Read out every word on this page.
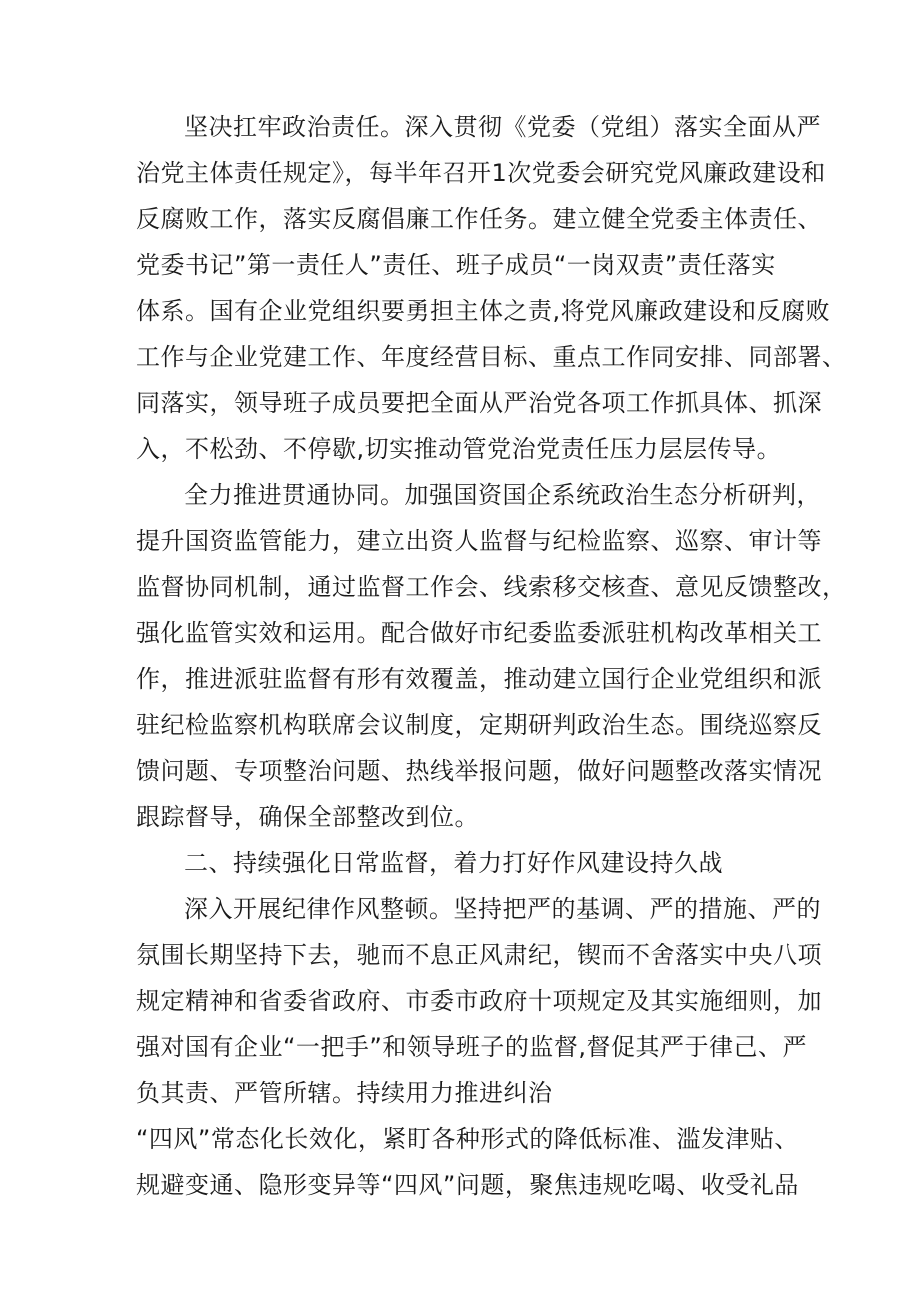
坚决扛牢政治责任。深入贯彻《党委（党组）落实全面从严

治党主体责任规定》，每半年召开1次党委会研究党风廉政建设和

反腐败工作，落实反腐倡廉工作任务。建立健全党委主体责任、

党委书记”第一责任人”责任、班子成员“一岗双责”责任落实

体系。国有企业党组织要勇担主体之责,将党风廉政建设和反腐败

工作与企业党建工作、年度经营目标、重点工作同安排、同部署、

同落实，领导班子成员要把全面从严治党各项工作抓具体、抓深

入，不松劲、不停歇,切实推动管党治党责任压力层层传导。

全力推进贯通协同。加强国资国企系统政治生态分析研判，

提升国资监管能力，建立出资人监督与纪检监察、巡察、审计等

监督协同机制，通过监督工作会、线索移交核查、意见反馈整改，

强化监管实效和运用。配合做好市纪委监委派驻机构改革相关工

作，推进派驻监督有形有效覆盖，推动建立国行企业党组织和派

驻纪检监察机构联席会议制度，定期研判政治生态。围绕巡察反

馈问题、专项整治问题、热线举报问题，做好问题整改落实情况

跟踪督导，确保全部整改到位。

二、持续强化日常监督，着力打好作风建设持久战

深入开展纪律作风整顿。坚持把严的基调、严的措施、严的

氛围长期坚持下去，驰而不息正风肃纪，锲而不舍落实中央八项

规定精神和省委省政府、市委市政府十项规定及其实施细则，加

强对国有企业“一把手”和领导班子的监督,督促其严于律己、严

负其责、严管所辖。持续用力推进纠治

“四风”常态化长效化，紧盯各种形式的降低标准、滥发津贴、

规避变通、隐形变异等“四风”问题，聚焦违规吃喝、收受礼品
